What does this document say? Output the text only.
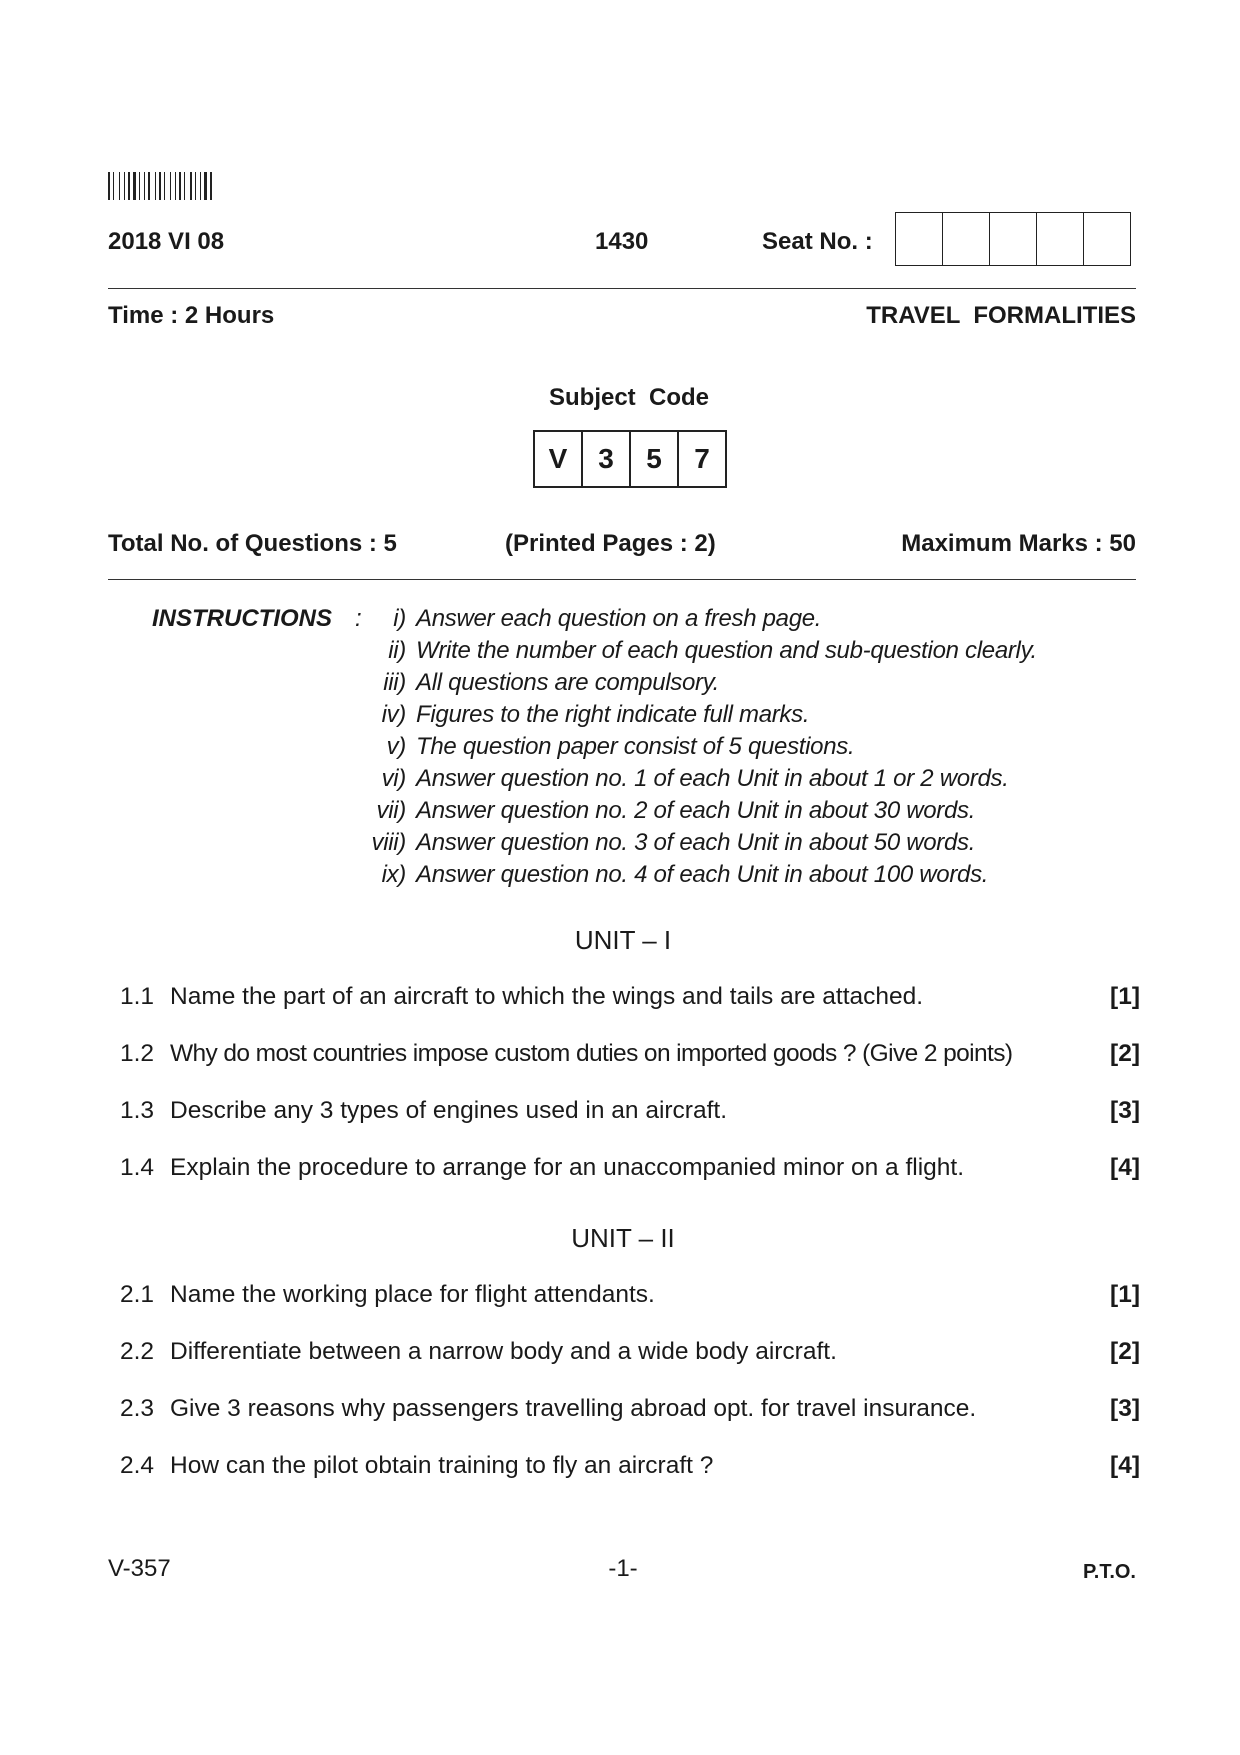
2018 VI 08	1430	Seat No. :
Time : 2 Hours	TRAVEL  FORMALITIES
Subject  Code
V	3	5	7
Total No. of Questions : 5	(Printed Pages : 2)	Maximum Marks : 50
INSTRUCTIONS :	i) Answer each question on a fresh page.
ii) Write the number of each question and sub-question clearly.
iii) All questions are compulsory.
iv) Figures to the right indicate full marks.
v) The question paper consist of 5 questions.
vi) Answer question no. 1 of each Unit in about 1 or 2 words.
vii) Answer question no. 2 of each Unit in about 30 words.
viii) Answer question no. 3 of each Unit in about 50 words.
ix) Answer question no. 4 of each Unit in about 100 words.
UNIT – I
1.1 Name the part of an aircraft to which the wings and tails are attached.	[1]
1.2 Why do most countries impose custom duties on imported goods ? (Give 2 points)	[2]
1.3 Describe any 3 types of engines used in an aircraft.	[3]
1.4 Explain the procedure to arrange for an unaccompanied minor on a flight.	[4]
UNIT – II
2.1 Name the working place for flight attendants.	[1]
2.2 Differentiate between a narrow body and a wide body aircraft.	[2]
2.3 Give 3 reasons why passengers travelling abroad opt. for travel insurance.	[3]
2.4 How can the pilot obtain training to fly an aircraft ?	[4]
V-357	-1-	P.T.O.
